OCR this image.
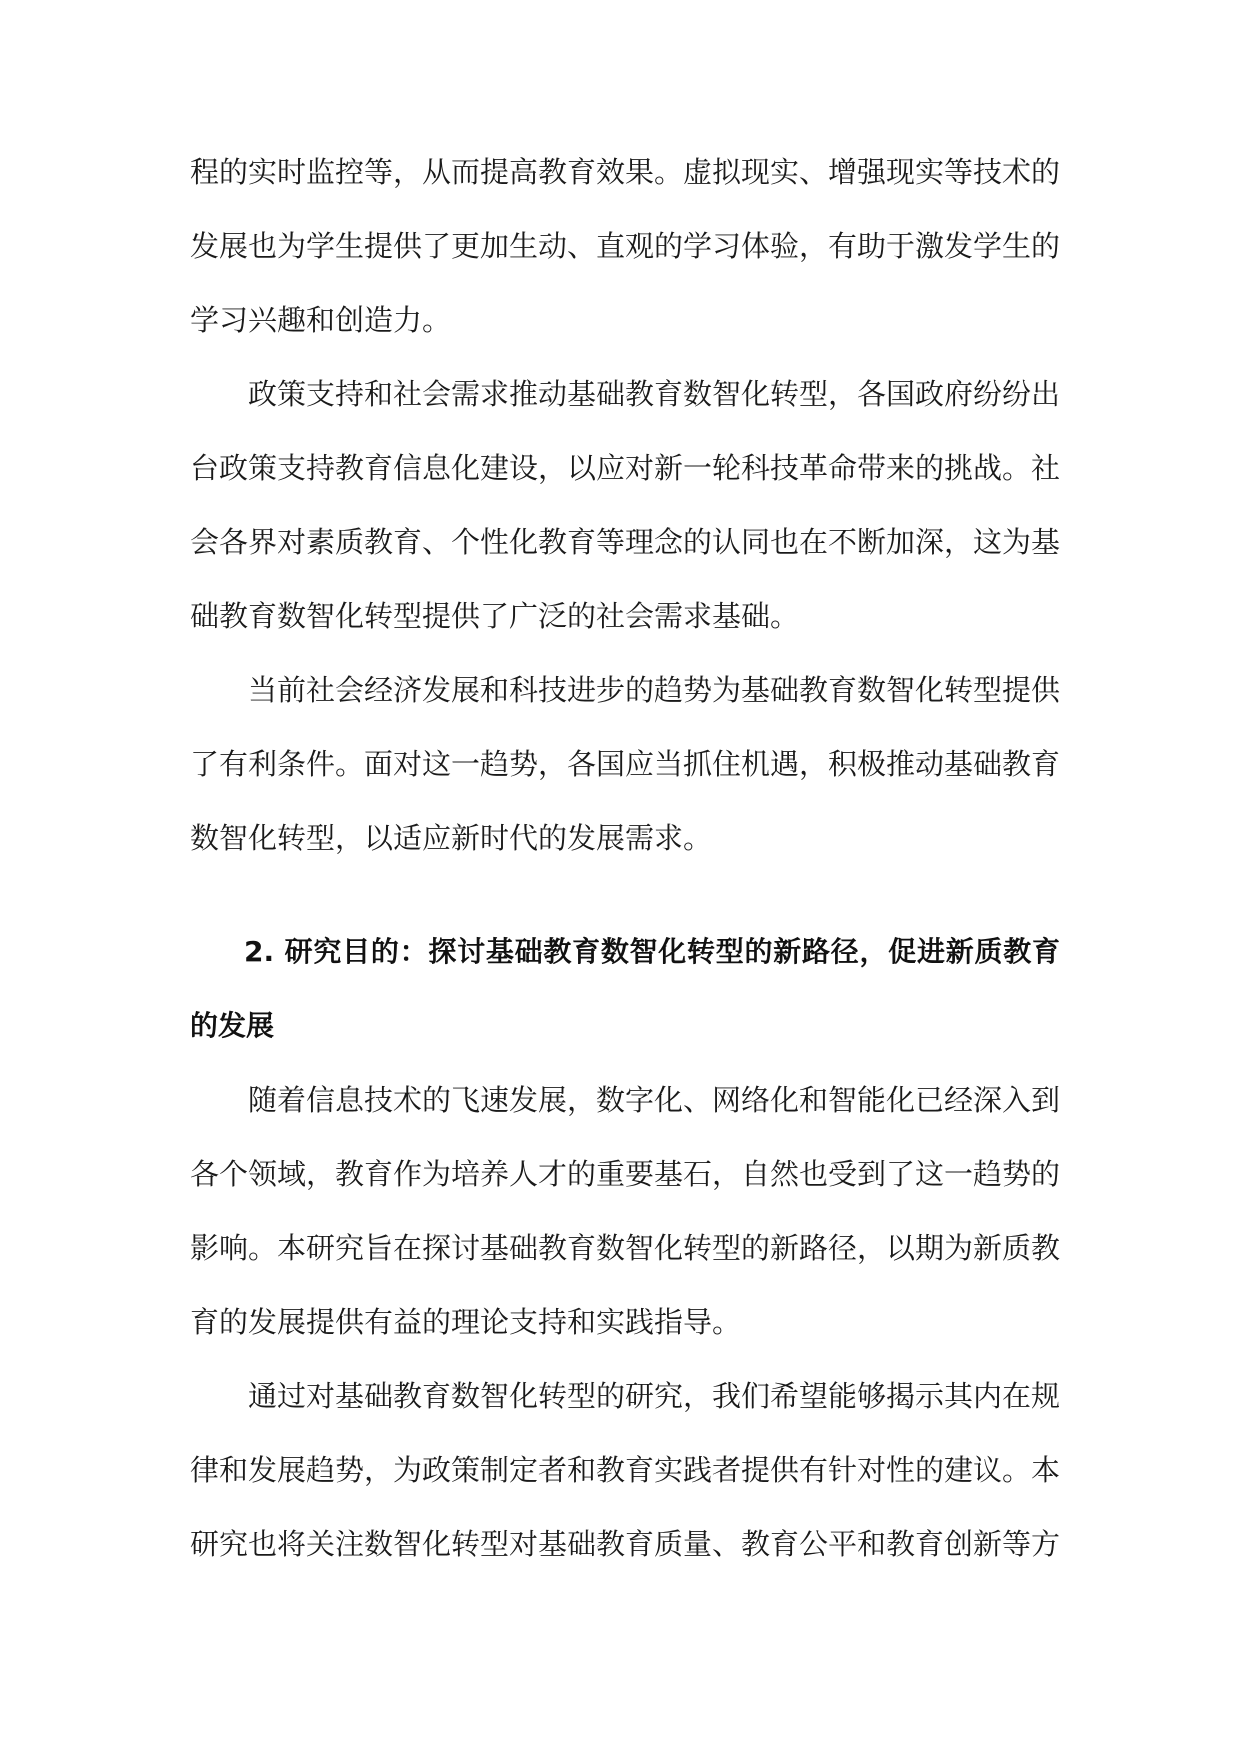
程的实时监控等，从而提高教育效果。虚拟现实、增强现实等技术的发展也为学生提供了更加生动、直观的学习体验，有助于激发学生的学习兴趣和创造力。

政策支持和社会需求推动基础教育数智化转型，各国政府纷纷出台政策支持教育信息化建设，以应对新一轮科技革命带来的挑战。社会各界对素质教育、个性化教育等理念的认同也在不断加深，这为基础教育数智化转型提供了广泛的社会需求基础。

当前社会经济发展和科技进步的趋势为基础教育数智化转型提供了有利条件。面对这一趋势，各国应当抓住机遇，积极推动基础教育数智化转型，以适应新时代的发展需求。

2. 研究目的：探讨基础教育数智化转型的新路径，促进新质教育的发展

随着信息技术的飞速发展，数字化、网络化和智能化已经深入到各个领域，教育作为培养人才的重要基石，自然也受到了这一趋势的影响。本研究旨在探讨基础教育数智化转型的新路径，以期为新质教育的发展提供有益的理论支持和实践指导。

通过对基础教育数智化转型的研究，我们希望能够揭示其内在规律和发展趋势，为政策制定者和教育实践者提供有针对性的建议。本研究也将关注数智化转型对基础教育质量、教育公平和教育创新等方
